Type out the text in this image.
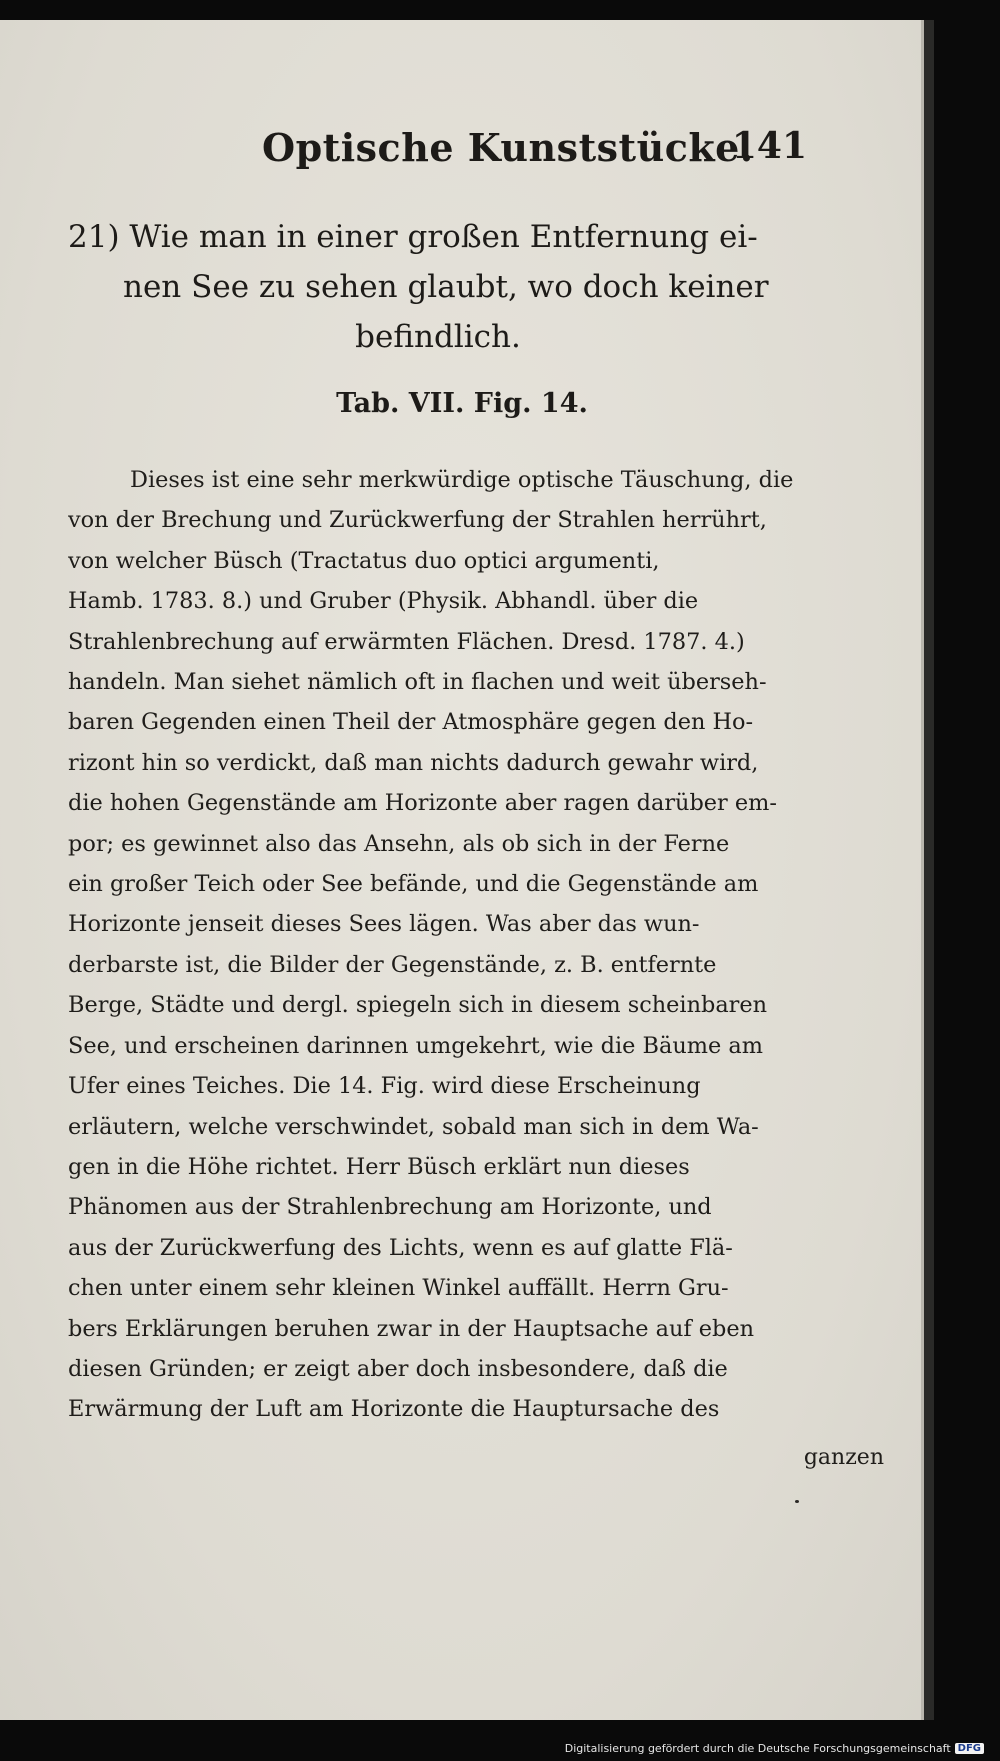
Optische Kunststücke.
141
21) Wie man in einer großen Entfernung ei-
nen See zu sehen glaubt, wo doch keiner
befindlich.
Tab. VII. Fig. 14.
Dieses ist eine sehr merkwürdige optische Täuschung, die
von der Brechung und Zurückwerfung der Strahlen herrührt,
von welcher Büsch (Tractatus duo optici argumenti,
Hamb. 1783. 8.) und Gruber (Physik. Abhandl. über die
Strahlenbrechung auf erwärmten Flächen. Dresd. 1787. 4.)
handeln. Man siehet nämlich oft in flachen und weit überseh-
baren Gegenden einen Theil der Atmosphäre gegen den Ho-
rizont hin so verdickt, daß man nichts dadurch gewahr wird,
die hohen Gegenstände am Horizonte aber ragen darüber em-
por; es gewinnet also das Ansehn, als ob sich in der Ferne
ein großer Teich oder See befände, und die Gegenstände am
Horizonte jenseit dieses Sees lägen. Was aber das wun-
derbarste ist, die Bilder der Gegenstände, z. B. entfernte
Berge, Städte und dergl. spiegeln sich in diesem scheinbaren
See, und erscheinen darinnen umgekehrt, wie die Bäume am
Ufer eines Teiches. Die 14. Fig. wird diese Erscheinung
erläutern, welche verschwindet, sobald man sich in dem Wa-
gen in die Höhe richtet. Herr Büsch erklärt nun dieses
Phänomen aus der Strahlenbrechung am Horizonte, und
aus der Zurückwerfung des Lichts, wenn es auf glatte Flä-
chen unter einem sehr kleinen Winkel auffällt. Herrn Gru-
bers Erklärungen beruhen zwar in der Hauptsache auf eben
diesen Gründen; er zeigt aber doch insbesondere, daß die
Erwärmung der Luft am Horizonte die Hauptursache des
ganzen
Digitalisierung gefördert durch die Deutsche Forschungsgemeinschaft DFG
